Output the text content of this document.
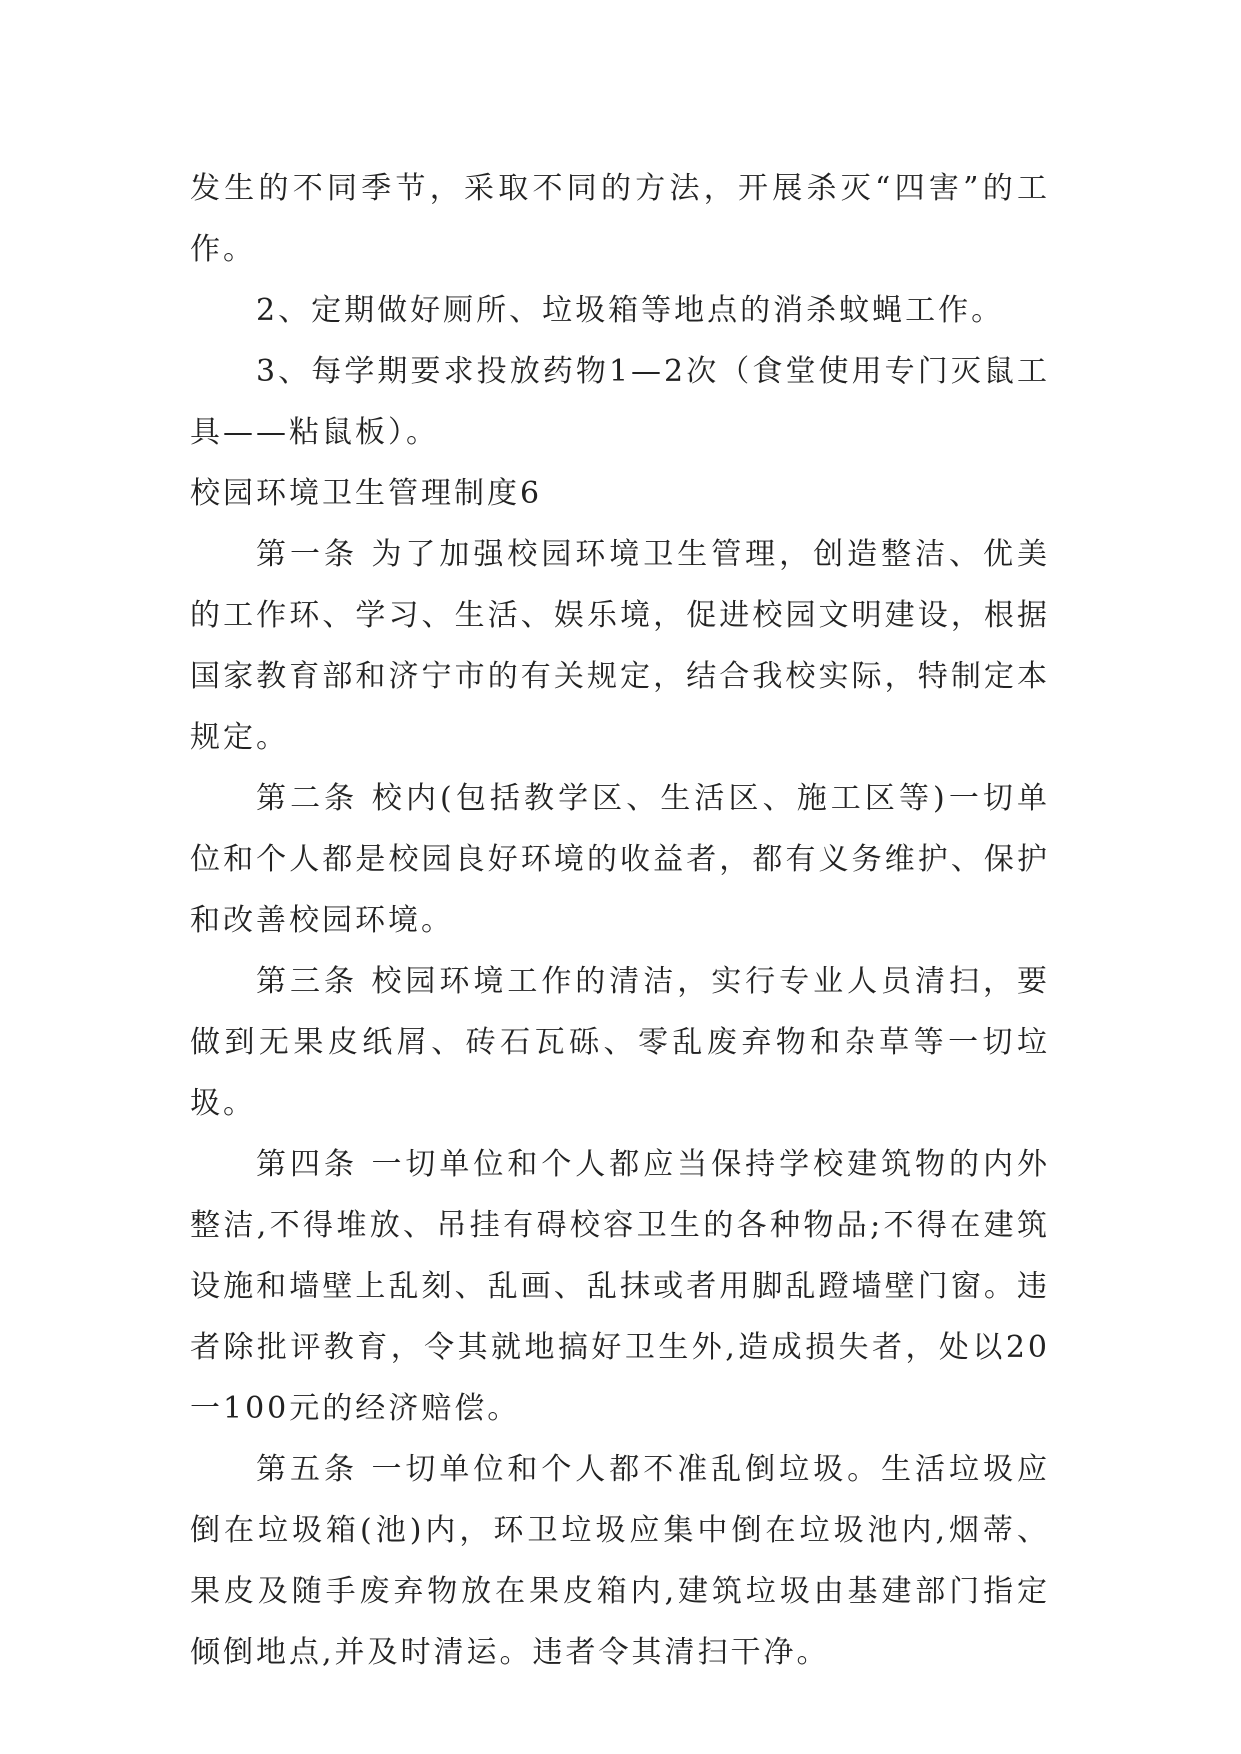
发生的不同季节，采取不同的方法，开展杀灭“四害”的工作。

2、定期做好厕所、垃圾箱等地点的消杀蚊蝇工作。

3、每学期要求投放药物1—2次（食堂使用专门灭鼠工具——粘鼠板）。

校园环境卫生管理制度6

第一条 为了加强校园环境卫生管理，创造整洁、优美的工作环、学习、生活、娱乐境，促进校园文明建设，根据国家教育部和济宁市的有关规定，结合我校实际，特制定本规定。

第二条 校内(包括教学区、生活区、施工区等)一切单位和个人都是校园良好环境的收益者，都有义务维护、保护和改善校园环境。

第三条 校园环境工作的清洁，实行专业人员清扫，要做到无果皮纸屑、砖石瓦砾、零乱废弃物和杂草等一切垃圾。

第四条 一切单位和个人都应当保持学校建筑物的内外整洁,不得堆放、吊挂有碍校容卫生的各种物品;不得在建筑设施和墙壁上乱刻、乱画、乱抹或者用脚乱蹬墙壁门窗。违者除批评教育，令其就地搞好卫生外,造成损失者，处以20一100元的经济赔偿。

第五条 一切单位和个人都不准乱倒垃圾。生活垃圾应倒在垃圾箱(池)内，环卫垃圾应集中倒在垃圾池内,烟蒂、果皮及随手废弃物放在果皮箱内,建筑垃圾由基建部门指定倾倒地点,并及时清运。违者令其清扫干净。
